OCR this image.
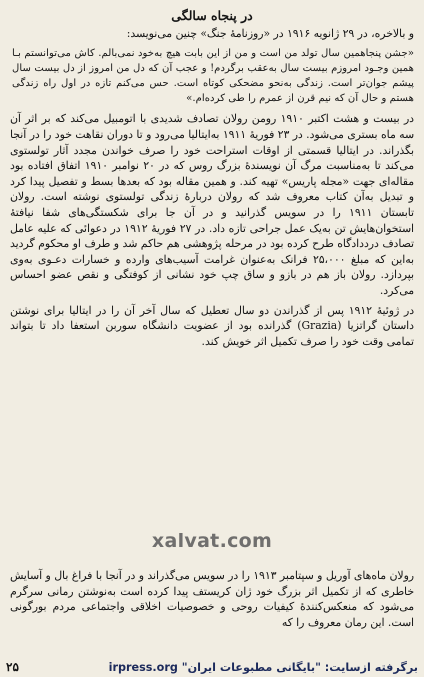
در پنجاه سالگی

و بالاخره، در ۲۹ ژانویه ۱۹۱۶ در «روزنامهٔ جنگ» چنین می‌نویسد:

«جشن پنجاهمین سال تولد من است و من از این بابت هیچ به‌خود نمی‌بالم. کاش می‌توانستم بـا همین وجـود امروزم بیست سال به‌عقب برگردم! و عجب آن که دل من امروز از دل بیست سال پیشم جوان‌تر است. زندگی به‌نحو مضحکی کوتاه است. حس می‌کنم تازه در اول راه زندگی هستم و حال آن که نیم قرن از عمرم را طی کرده‌ام.»

در بیست و هشت اکتبر ۱۹۱۰ رومن رولان تصادف شدیدی با اتومبیل می‌کند که بر اثر آن سه ماه بستری می‌شود. در ۲۳ فوریهٔ ۱۹۱۱ به‌ایتالیا می‌رود و تا دوران نقاهت خود را در آنجا بگذراند. در ایتالیا قسمتی از اوقات استراحت خود را صرف خواندن مجدد آثار تولستوی می‌کند تا به‌مناسبت مرگ آن نویسندهٔ بزرگ روس که در ۲۰ نوامبر ۱۹۱۰ اتفاق افتاده بود مقاله‌ای جهت «مجله پاریس» تهیه کند. و همین مقاله بود که بعدها بسط و تفصیل پیدا کرد و تبدیل به‌آن کتاب معروف شد که رولان دربارهٔ زندگی تولستوی نوشته است. رولان تابستان ۱۹۱۱ را در سویس گذرانید و در آن جا برای شکستگی‌های شفا نیافتهٔ استخوان‌هایش تن به‌یک عمل جراحی تازه داد. در ۲۷ فوریهٔ ۱۹۱۲ در دعوائی که علیه عامل تصادف درددادگاه طرح کرده بود در مرحله پژوهشی هم حاکم شد و طرف او محکوم گردید به‌این که مبلغ ۲۵،۰۰۰ فرانک به‌عنوان غرامت آسیب‌های وارده و خسارات دعـوی به‌وی بپردازد. رولان باز هم در بازو و ساق چپ خود نشانی از کوفتگی و نقص عضو احساس می‌کرد.

در ژوئیهٔ ۱۹۱۲ پس از گذراندن دو سال تعطیل که سال آخر آن را در ایتالیا برای نوشتن داستان گراتزیا (Grazia) گذرانده بود از عضویت دانشگاه سوربن استعفا داد تا بتواند تمامی وقت خود را صرف تکمیل اثر خویش کند.

xalvat.com

رولان ماه‌های آوریل و سپتامبر ۱۹۱۳ را در سویس می‌گذراند و در آنجا با فراغ بال و آسایش خاطری که از تکمیل اثر بزرگ خود ژان کریستف پیدا کرده است به‌نوشتن رمانی سرگرم می‌شود که منعکس‌کنندهٔ کیفیات روحی و خصوصیات اخلاقی واجتماعی مردم بورگونی است. این رمان معروف را که

۲۵	برگرفته ازسایت: "بایگانی مطبوعات ایران" irpress.org
